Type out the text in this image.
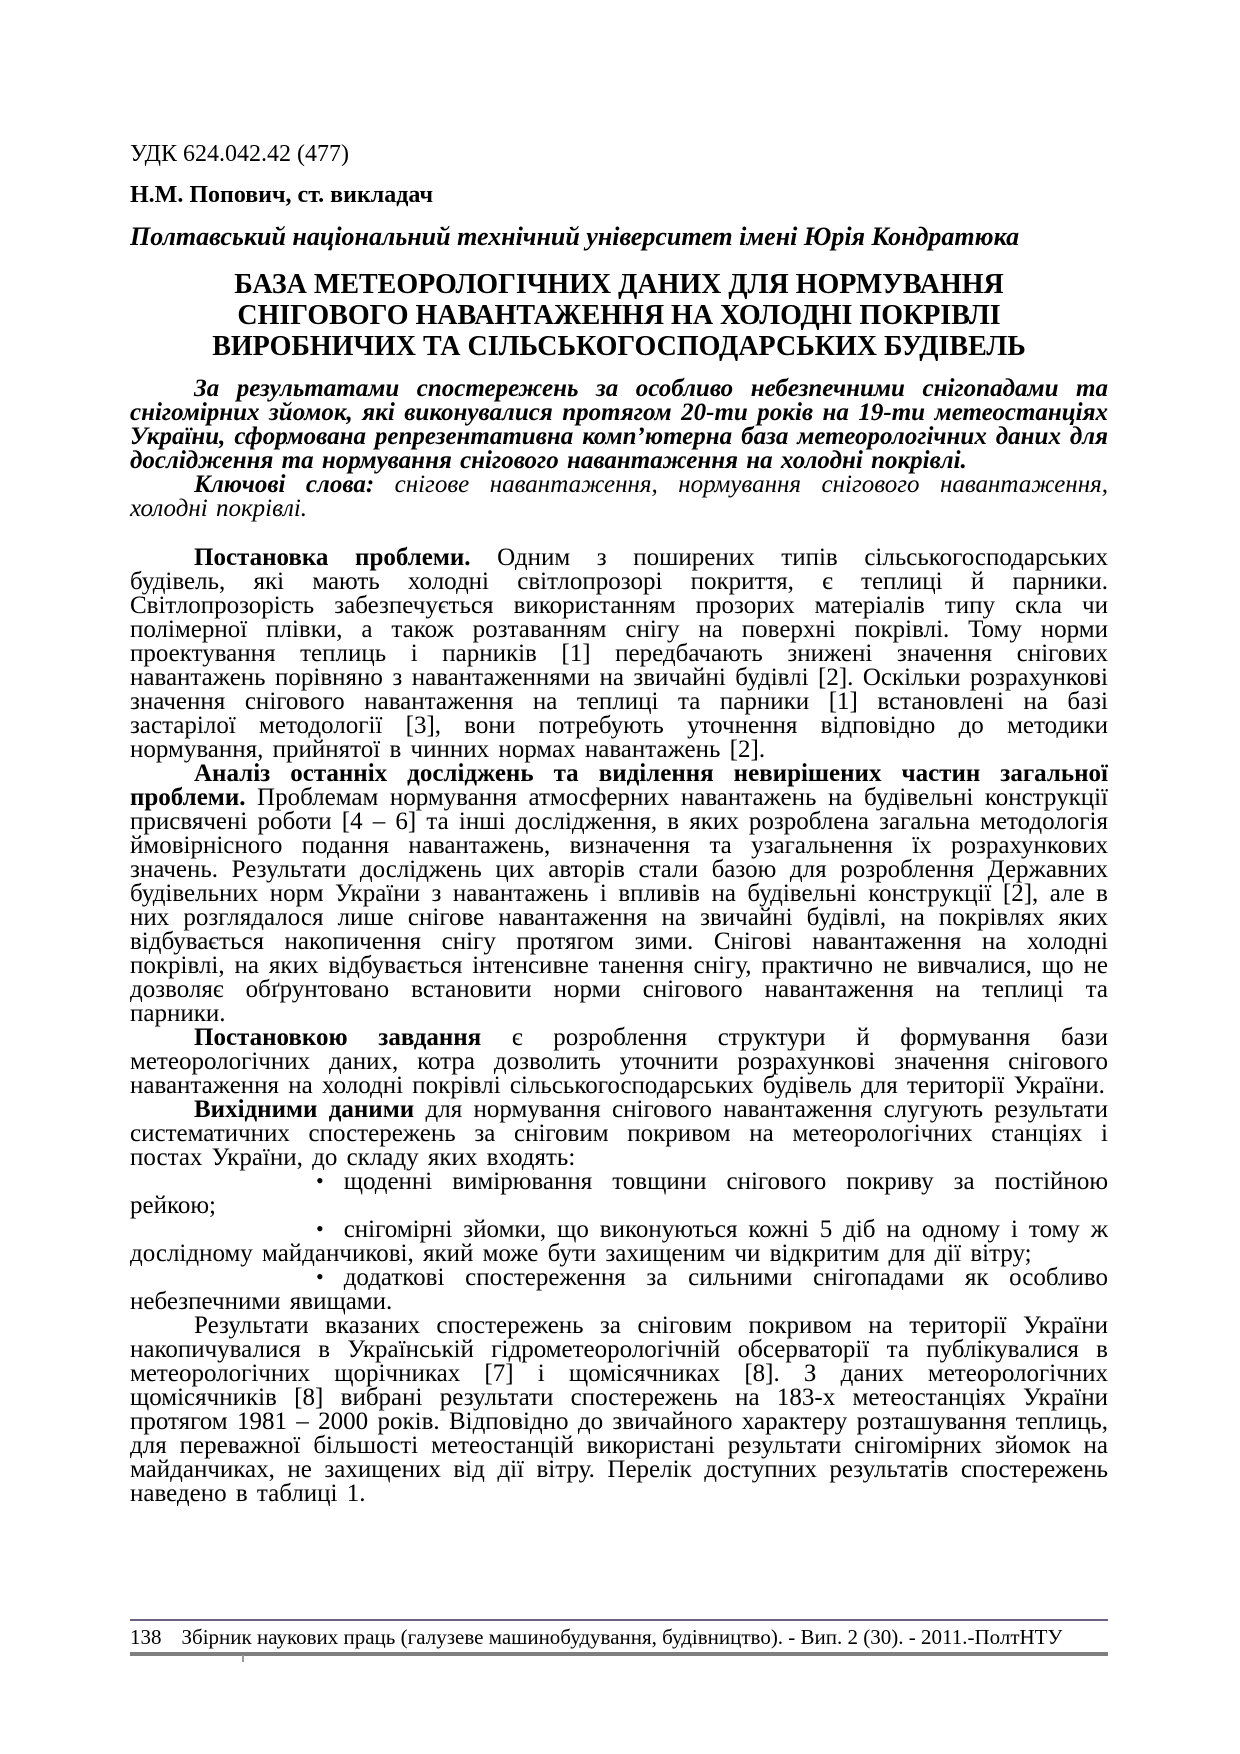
УДК 624.042.42 (477)

Н.М. Попович, ст. викладач

Полтавський національний технічний університет імені Юрія Кондратюка

БАЗА МЕТЕОРОЛОГІЧНИХ ДАНИХ ДЛЯ НОРМУВАННЯ
СНІГОВОГО НАВАНТАЖЕННЯ НА ХОЛОДНІ ПОКРІВЛІ
ВИРОБНИЧИХ ТА СІЛЬСЬКОГОСПОДАРСЬКИХ БУДІВЕЛЬ

За результатами спостережень за особливо небезпечними снігопадами та снігомірних зйомок, які виконувалися протягом 20-ти років на 19-ти метеостанціях України, сформована репрезентативна комп’ютерна база метеорологічних даних для дослідження та нормування снігового навантаження на холодні покрівлі.

Ключові слова: снігове навантаження, нормування снігового навантаження, холодні покрівлі.

Постановка проблеми. Одним з поширених типів сільськогосподарських будівель, які мають холодні світлопрозорі покриття, є теплиці й парники. Світлопрозорість забезпечується використанням прозорих матеріалів типу скла чи полімерної плівки, а також розтаванням снігу на поверхні покрівлі. Тому норми проектування теплиць і парників [1] передбачають знижені значення снігових навантажень порівняно з навантаженнями на звичайні будівлі [2]. Оскільки розрахункові значення снігового навантаження на теплиці та парники [1] встановлені на базі застарілої методології [3], вони потребують уточнення відповідно до методики нормування, прийнятої в чинних нормах навантажень [2].

Аналіз останніх досліджень та виділення невирішених частин загальної проблеми. Проблемам нормування атмосферних навантажень на будівельні конструкції присвячені роботи [4 – 6] та інші дослідження, в яких розроблена загальна методологія ймовірнісного подання навантажень, визначення та узагальнення їх розрахункових значень. Результати досліджень цих авторів стали базою для розроблення Державних будівельних норм України з навантажень і впливів на будівельні конструкції [2], але в них розглядалося лише снігове навантаження на звичайні будівлі, на покрівлях яких відбувається накопичення снігу протягом зими. Снігові навантаження на холодні покрівлі, на яких відбувається інтенсивне танення снігу, практично не вивчалися, що не дозволяє обґрунтовано встановити норми снігового навантаження на теплиці та парники.

Постановкою завдання є розроблення структури й формування бази метеорологічних даних, котра дозволить уточнити розрахункові значення снігового навантаження на холодні покрівлі сільськогосподарських будівель для території України.

Вихідними даними для нормування снігового навантаження слугують результати систематичних спостережень за сніговим покривом на метеорологічних станціях і постах України, до складу яких входять:

• щоденні вимірювання товщини снігового покриву за постійною рейкою;

• снігомірні зйомки, що виконуються кожні 5 діб на одному і тому ж дослідному майданчикові, який може бути захищеним чи відкритим для дії вітру;

• додаткові спостереження за сильними снігопадами як особливо небезпечними явищами.

Результати вказаних спостережень за сніговим покривом на території України накопичувалися в Українській гідрометеорологічній обсерваторії та публікувалися в метеорологічних щорічниках [7] і щомісячниках [8]. З даних метеорологічних щомісячників [8] вибрані результати спостережень на 183-х метеостанціях України протягом 1981 – 2000 років. Відповідно до звичайного характеру розташування теплиць, для переважної більшості метеостанцій використані результати снігомірних зйомок на майданчиках, не захищених від дії вітру. Перелік доступних результатів спостережень наведено в таблиці 1.

138 Збірник наукових праць (галузеве машинобудування, будівництво). - Вип. 2 (30). - 2011.-ПолтНТУ
